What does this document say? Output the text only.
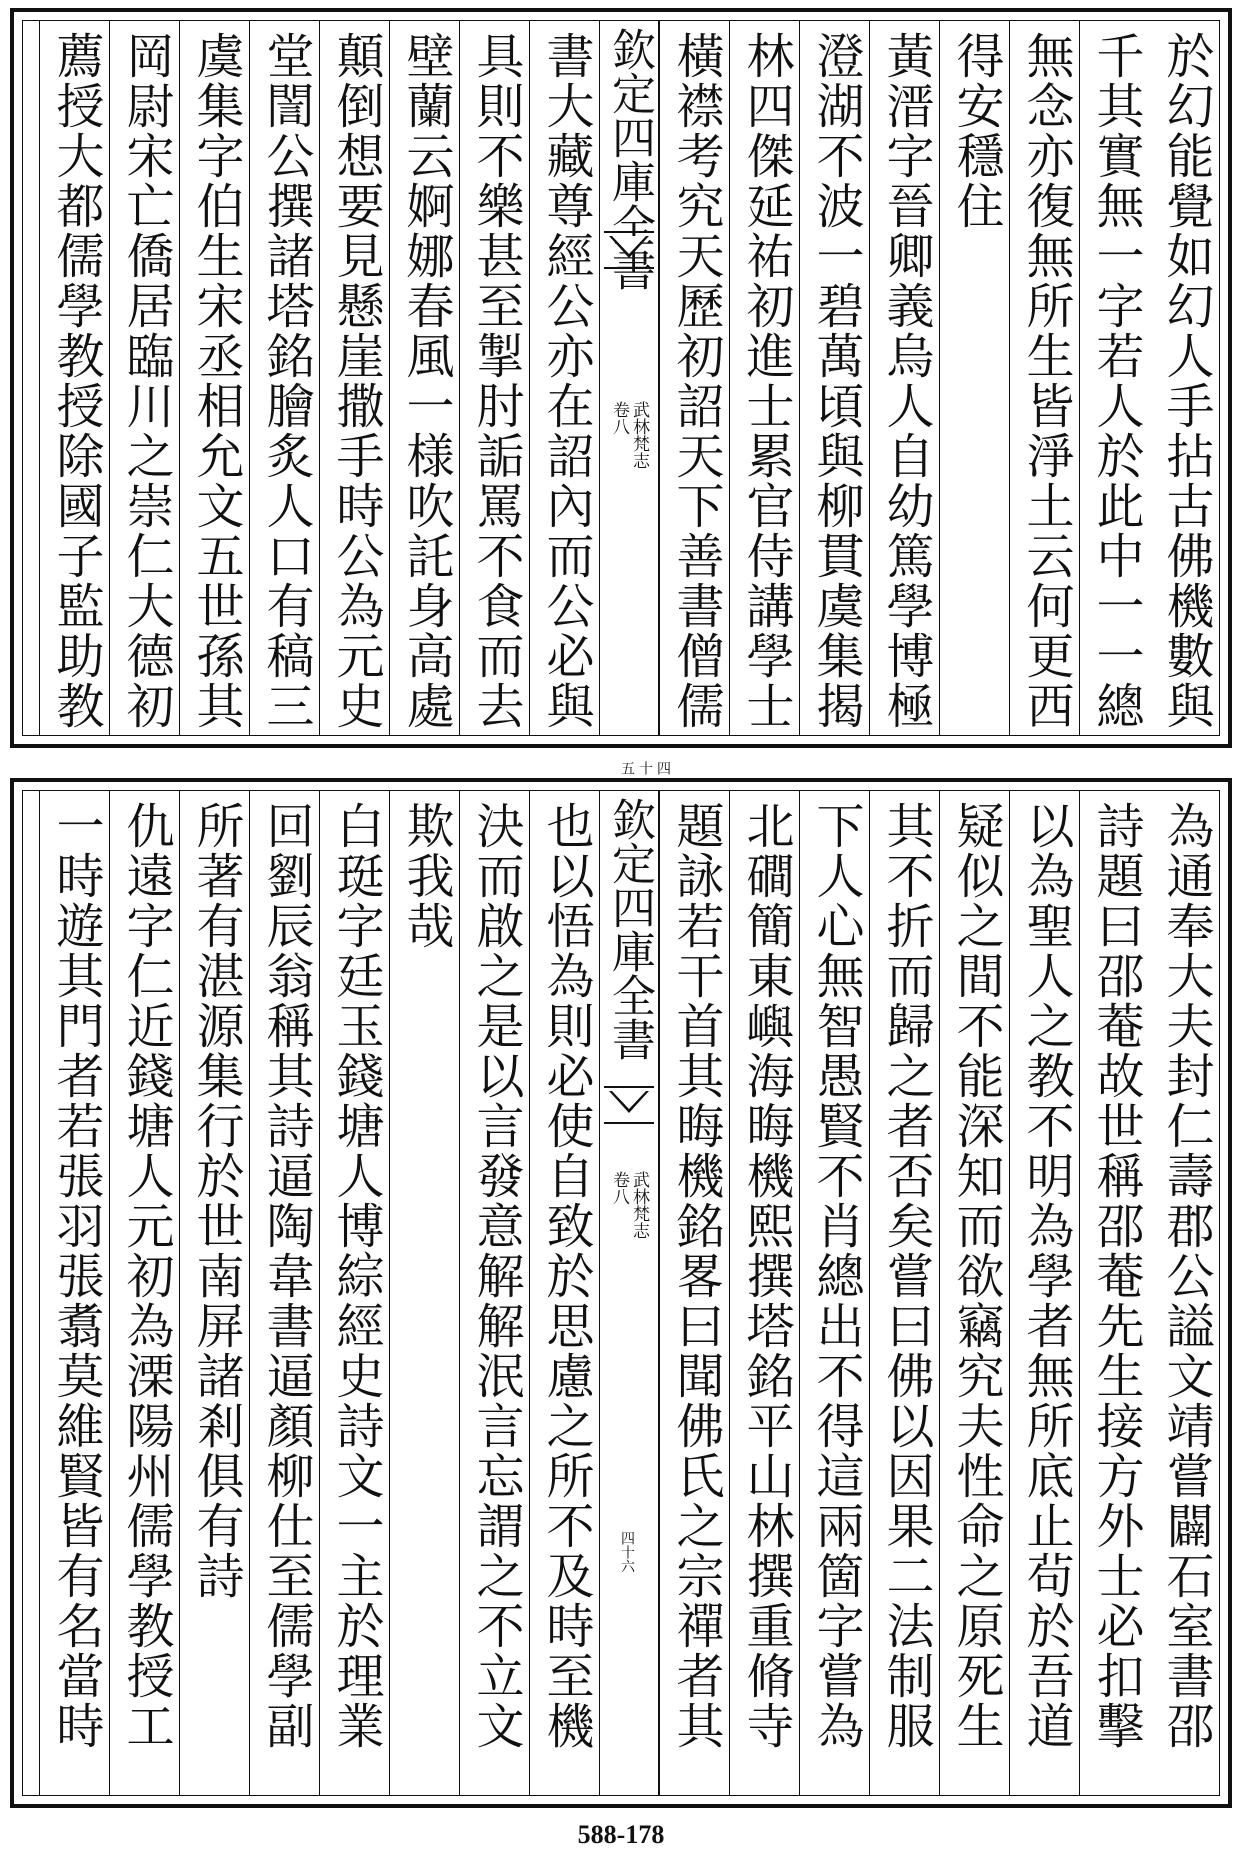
於幻能覺如幻人手拈古佛機數與
千其實無一字若人於此中一一總
無念亦復無所生皆淨土云何更西
得安穩住
黃溍字晉卿義烏人自幼篤學博極
澄湖不波一碧萬頃與柳貫虞集揭
林四傑延祐初進士累官侍講學士
橫襟考究天歷初詔天下善書僧儒
欽定四庫全書
武林梵志
卷八
四十五
書大藏尊經公亦在詔內而公必與
具則不樂甚至掣肘詬罵不食而去
壁蘭云婀娜春風一様吹託身高處
顛倒想要見懸崖撒手時公為元史
堂誾公撰諸塔銘膾炙人口有稿三
虞集字伯生宋丞相允文五世孫其
岡尉宋亡僑居臨川之崇仁大德初
薦授大都儒學教授除國子監助教
為通奉大夫封仁壽郡公謚文靖嘗闢石室書邵
詩題曰邵菴故世稱邵菴先生接方外士必扣擊
以為聖人之教不明為學者無所底止茍於吾道
疑似之間不能深知而欲竊究夫性命之原死生
其不折而歸之者否矣嘗曰佛以因果二法制服
下人心無智愚賢不肖總出不得這兩箇字嘗為
北磵簡東嶼海晦機熙撰塔銘平山林撰重脩寺
題詠若干首其晦機銘畧曰聞佛氏之宗禪者其
欽定四庫全書
武林梵志
卷八
四十六
也以悟為則必使自致於思慮之所不及時至機
決而啟之是以言發意解解泯言忘謂之不立文
欺我哉
白珽字廷玉錢塘人博綜經史詩文一主於理業
回劉辰翁稱其詩逼陶韋書逼顏柳仕至儒學副
所著有湛源集行於世南屏諸剎俱有詩
仇遠字仁近錢塘人元初為溧陽州儒學教授工
一時遊其門者若張羽張翥莫維賢皆有名當時
588-178
